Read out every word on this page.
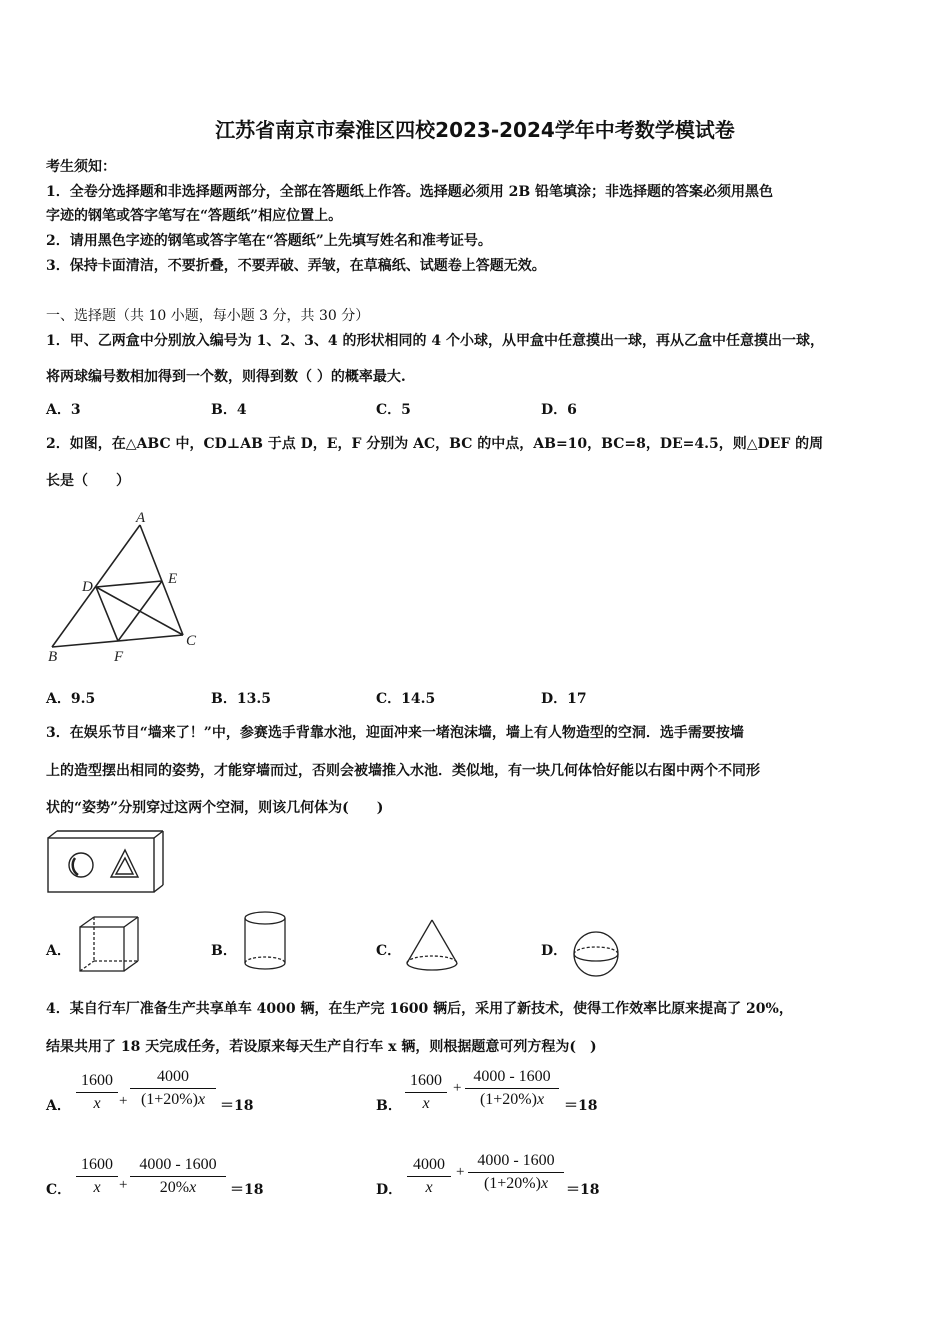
江苏省南京市秦淮区四校2023-2024学年中考数学模试卷
考生须知：
1．全卷分选择题和非选择题两部分，全部在答题纸上作答。选择题必须用 2B 铅笔填涂；非选择题的答案必须用黑色
字迹的钢笔或答字笔写在“答题纸”相应位置上。
2．请用黑色字迹的钢笔或答字笔在“答题纸”上先填写姓名和准考证号。
3．保持卡面清洁，不要折叠，不要弄破、弄皱，在草稿纸、试题卷上答题无效。
一、选择题（共 10 小题，每小题 3 分，共 30 分）
1．甲、乙两盒中分别放入编号为 1、2、3、4 的形状相同的 4 个小球，从甲盒中任意摸出一球，再从乙盒中任意摸出一球，
将两球编号数相加得到一个数，则得到数（ ）的概率最大.
A．3	B．4	C．5	D．6
2．如图，在△ABC 中，CD⊥AB 于点 D，E，F 分别为 AC，BC 的中点，AB=10，BC=8，DE=4.5，则△DEF 的周
长是（　　）
A
D	E
C
B	F
A．9.5	B．13.5	C．14.5	D．17
3．在娱乐节目“墙来了！”中，参赛选手背靠水池，迎面冲来一堵泡沫墙，墙上有人物造型的空洞．选手需要按墙
上的造型摆出相同的姿势，才能穿墙而过，否则会被墙推入水池．类似地，有一块几何体恰好能以右图中两个不同形
状的“姿势”分别穿过这两个空洞，则该几何体为(　　)
A．	B．	C．	D．
4．某自行车厂准备生产共享单车 4000 辆，在生产完 1600 辆后，采用了新技术，使得工作效率比原来提高了 20%，
结果共用了 18 天完成任务，若设原来每天生产自行车 x 辆，则根据题意可列方程为(　)
A． $\frac{1600}{x} + \frac{4000}{(1+20\%)x} =18$	B． $\frac{1600}{x} + \frac{4000 - 1600}{(1+20\%)x} =18$
C． $\frac{1600}{x} + \frac{4000 - 1600}{20\%x} =18$	D． $\frac{4000}{x} + \frac{4000 - 1600}{(1+20\%)x} =18$
